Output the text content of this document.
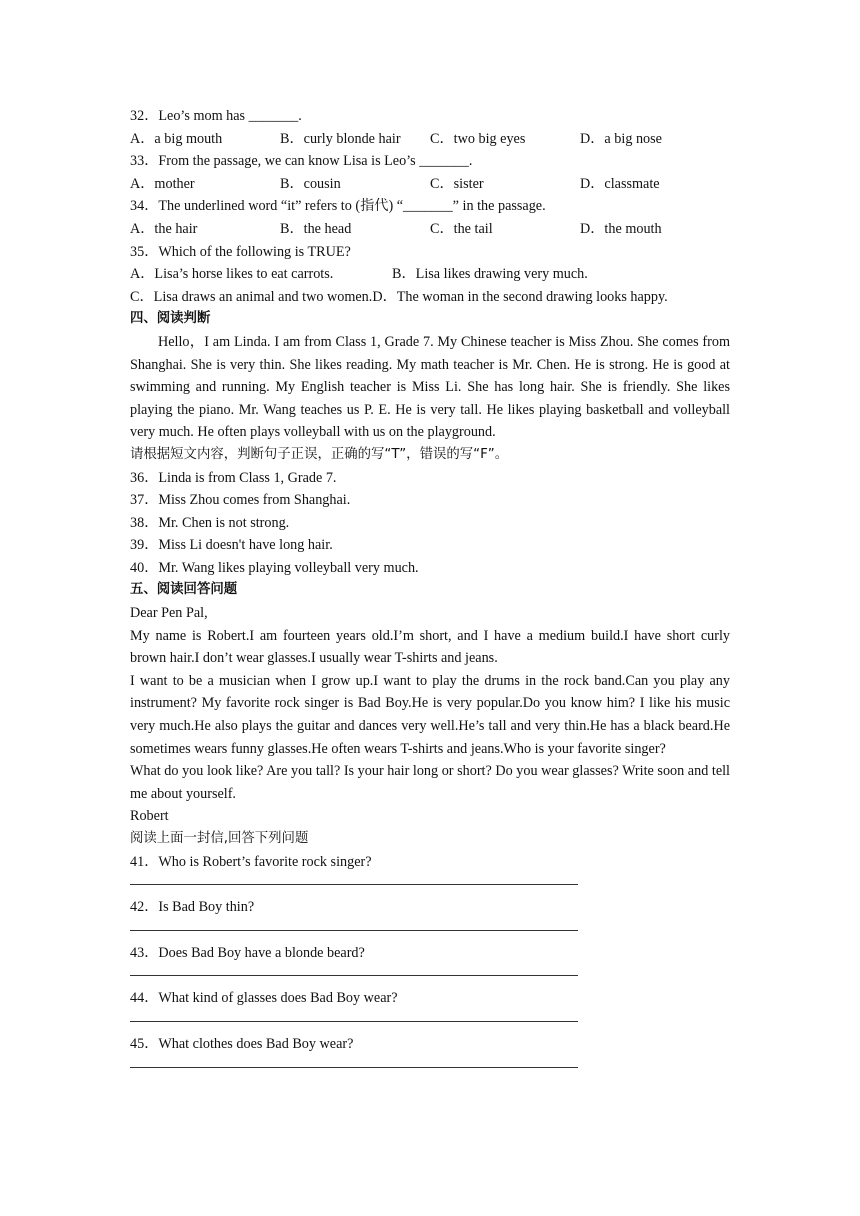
32．Leo’s mom has _______.
A．a big mouth	B．curly blonde hair	C．two big eyes	D．a big nose
33．From the passage, we can know Lisa is Leo’s _______.
A．mother	B．cousin	C．sister	D．classmate
34．The underlined word “it” refers to (指代) “_______” in the passage.
A．the hair	B．the head	C．the tail	D．the mouth
35．Which of the following is TRUE?
A．Lisa’s horse likes to eat carrots.	B．Lisa likes drawing very much.
C．Lisa draws an animal and two women. D．The woman in the second drawing looks happy.
四、阅读判断
Hello，I am Linda. I am from Class 1, Grade 7. My Chinese teacher is Miss Zhou. She comes from Shanghai. She is very thin. She likes reading. My math teacher is Mr. Chen. He is strong. He is good at swimming and running. My English teacher is Miss Li. She has long hair. She is friendly. She likes playing the piano. Mr. Wang teaches us P. E. He is very tall. He likes playing basketball and volleyball very much. He often plays volleyball with us on the playground.
请根据短文内容，判断句子正误，正确的写“T”，错误的写“F”。
36．Linda is from Class 1, Grade 7.
37．Miss Zhou comes from Shanghai.
38．Mr. Chen is not strong.
39．Miss Li doesn't have long hair.
40．Mr. Wang likes playing volleyball very much.
五、阅读回答问题
Dear Pen Pal,
My name is Robert.I am fourteen years old.I’m short, and I have a medium build.I have short curly brown hair.I don’t wear glasses.I usually wear T-shirts and jeans.
I want to be a musician when I grow up.I want to play the drums in the rock band.Can you play any instrument? My favorite rock singer is Bad Boy.He is very popular.Do you know him? I like his music very much.He also plays the guitar and dances very well.He’s tall and very thin.He has a black beard.He sometimes wears funny glasses.He often wears T-shirts and jeans.Who is your favorite singer?
What do you look like? Are you tall? Is your hair long or short? Do you wear glasses? Write soon and tell me about yourself.
Robert
阅读上面一封信,回答下列问题
41．Who is Robert’s favorite rock singer?
42．Is Bad Boy thin?
43．Does Bad Boy have a blonde beard?
44．What kind of glasses does Bad Boy wear?
45．What clothes does Bad Boy wear?
